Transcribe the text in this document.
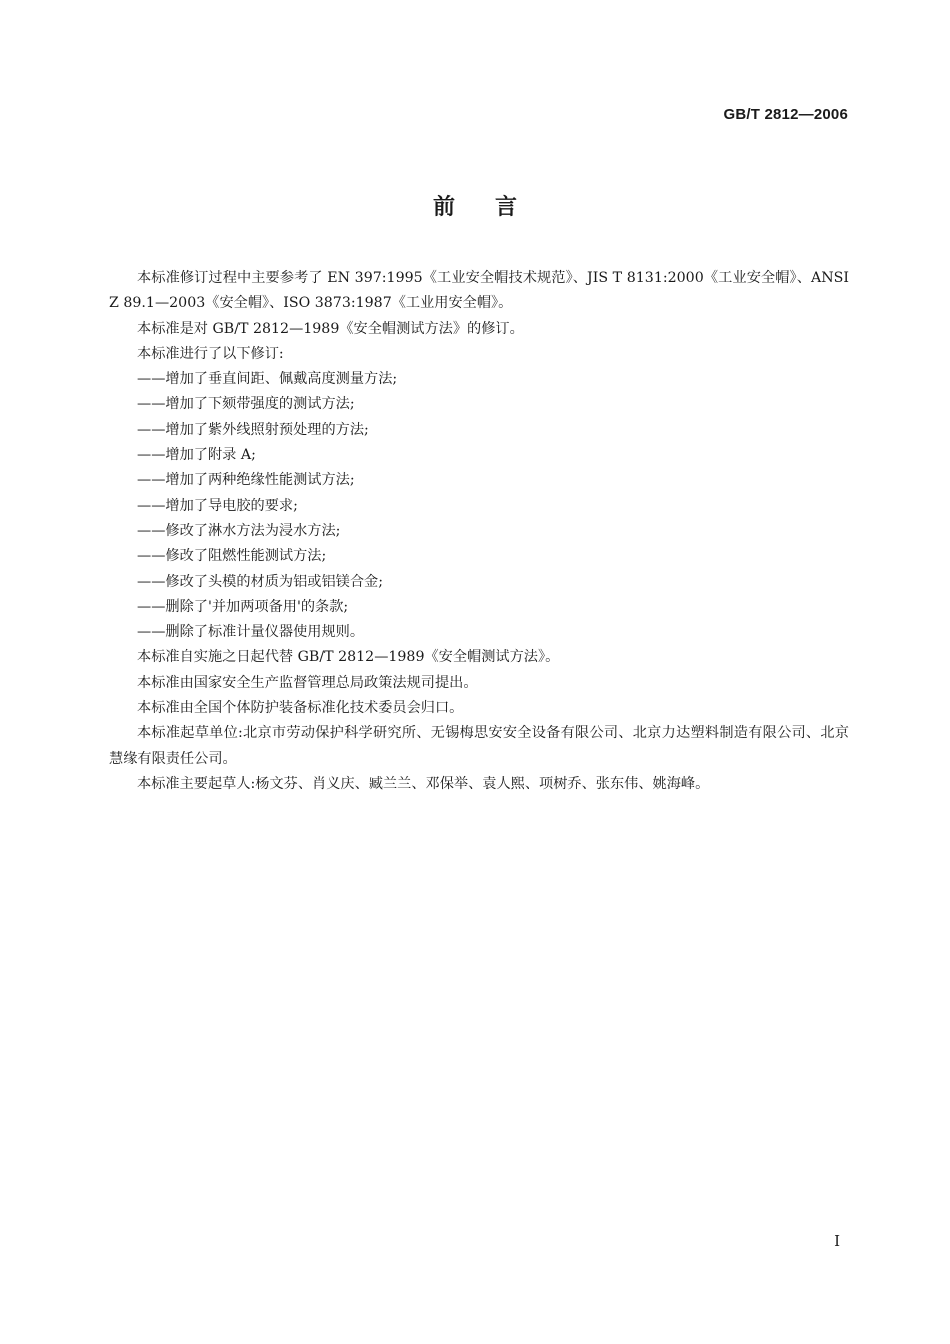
GB/T 2812—2006
前言

本标准修订过程中主要参考了 EN 397:1995《工业安全帽技术规范》、JIS T 8131:2000《工业安全帽》、ANSI Z 89.1—2003《安全帽》、ISO 3873:1987《工业用安全帽》。

本标准是对 GB/T 2812—1989《安全帽测试方法》的修订。

本标准进行了以下修订:

——增加了垂直间距、佩戴高度测量方法;

——增加了下颏带强度的测试方法;

——增加了紫外线照射预处理的方法;

——增加了附录 A;

——增加了两种绝缘性能测试方法;

——增加了导电胶的要求;

——修改了淋水方法为浸水方法;

——修改了阻燃性能测试方法;

——修改了头模的材质为铝或铝镁合金;

——删除了'并加两项备用'的条款;

——删除了标准计量仪器使用规则。

本标准自实施之日起代替 GB/T 2812—1989《安全帽测试方法》。

本标准由国家安全生产监督管理总局政策法规司提出。

本标准由全国个体防护装备标准化技术委员会归口。

本标准起草单位:北京市劳动保护科学研究所、无锡梅思安安全设备有限公司、北京力达塑料制造有限公司、北京慧缘有限责任公司。

本标准主要起草人:杨文芬、肖义庆、臧兰兰、邓保举、袁人熙、项树乔、张东伟、姚海峰。

I
